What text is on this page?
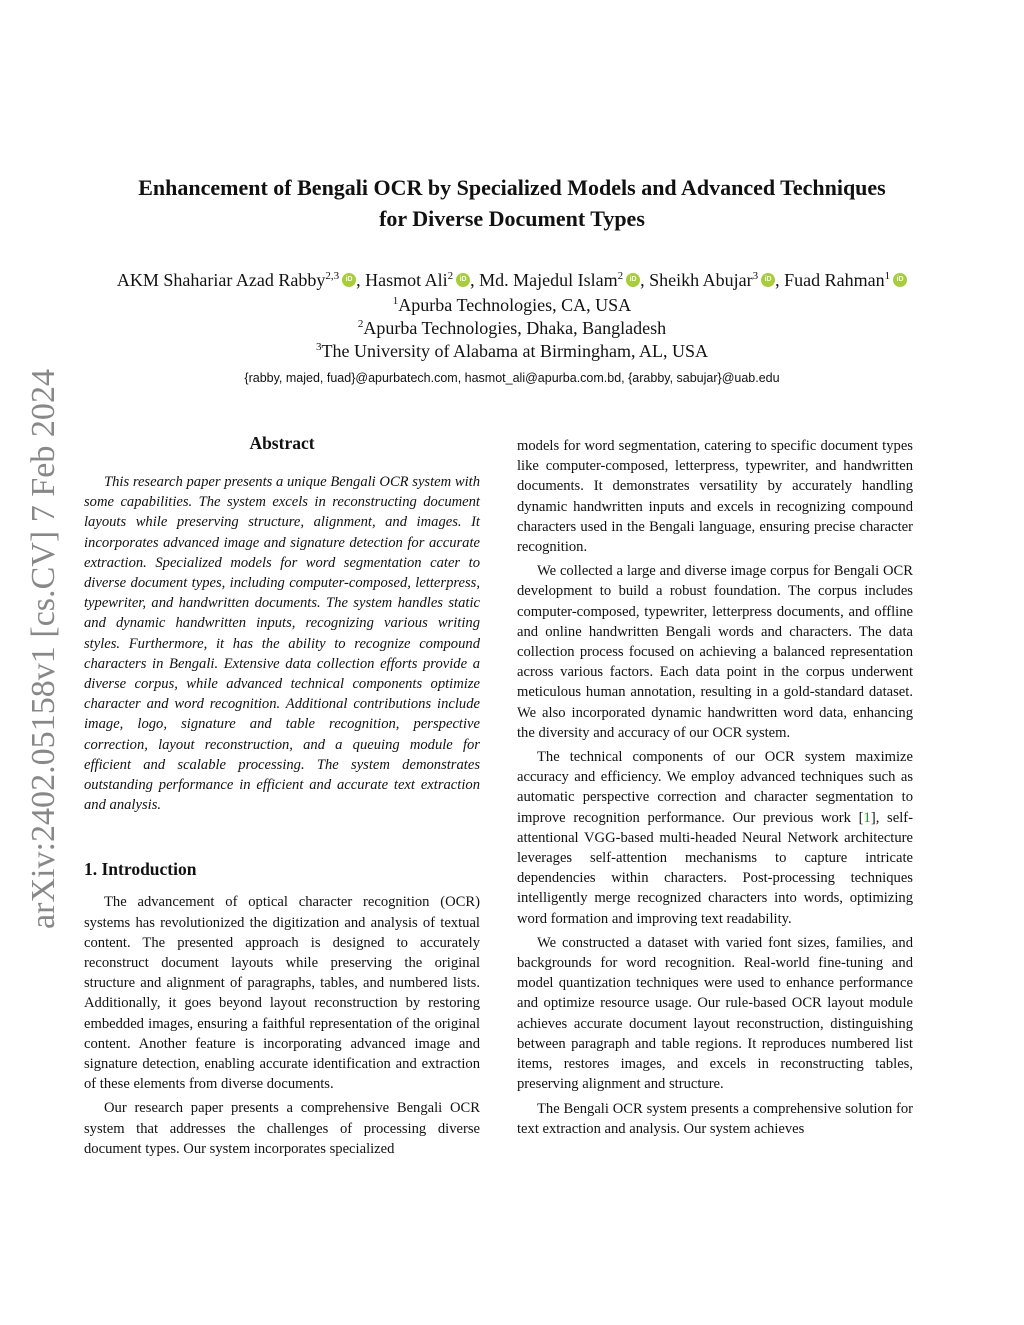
arXiv:2402.05158v1 [cs.CV] 7 Feb 2024
Enhancement of Bengali OCR by Specialized Models and Advanced Techniques
for Diverse Document Types
AKM Shahariar Azad Rabby$^{2,3}$ iD , Hasmot Ali$^2$ iD , Md. Majedul Islam$^2$ iD , Sheikh Abujar$^3$ iD , Fuad Rahman$^1$ iD
$^1$Apurba Technologies, CA, USA
$^2$Apurba Technologies, Dhaka, Bangladesh
$^3$The University of Alabama at Birmingham, AL, USA
{rabby, majed, fuad}@apurbatech.com, hasmot_ali@apurba.com.bd, {arabby, sabujar}@uab.edu
Abstract

This research paper presents a unique Bengali OCR system with some capabilities. The system excels in reconstructing document layouts while preserving structure, alignment, and images. It incorporates advanced image and signature detection for accurate extraction. Specialized models for word segmentation cater to diverse document types, including computer-composed, letterpress, typewriter, and handwritten documents. The system handles static and dynamic handwritten inputs, recognizing various writing styles. Furthermore, it has the ability to recognize compound characters in Bengali. Extensive data collection efforts provide a diverse corpus, while advanced technical components optimize character and word recognition. Additional contributions include image, logo, signature and table recognition, perspective correction, layout reconstruction, and a queuing module for efficient and scalable processing. The system demonstrates outstanding performance in efficient and accurate text extraction and analysis.

1. Introduction

The advancement of optical character recognition (OCR) systems has revolutionized the digitization and analysis of textual content. The presented approach is designed to accurately reconstruct document layouts while preserving the original structure and alignment of paragraphs, tables, and numbered lists. Additionally, it goes beyond layout reconstruction by restoring embedded images, ensuring a faithful representation of the original content. Another feature is incorporating advanced image and signature detection, enabling accurate identification and extraction of these elements from diverse documents.

Our research paper presents a comprehensive Bengali OCR system that addresses the challenges of processing diverse document types. Our system incorporates specialized

models for word segmentation, catering to specific document types like computer-composed, letterpress, typewriter, and handwritten documents. It demonstrates versatility by accurately handling dynamic handwritten inputs and excels in recognizing compound characters used in the Bengali language, ensuring precise character recognition.

We collected a large and diverse image corpus for Bengali OCR development to build a robust foundation. The corpus includes computer-composed, typewriter, letterpress documents, and offline and online handwritten Bengali words and characters. The data collection process focused on achieving a balanced representation across various factors. Each data point in the corpus underwent meticulous human annotation, resulting in a gold-standard dataset. We also incorporated dynamic handwritten word data, enhancing the diversity and accuracy of our OCR system.

The technical components of our OCR system maximize accuracy and efficiency. We employ advanced techniques such as automatic perspective correction and character segmentation to improve recognition performance. Our previous work [1], self-attentional VGG-based multi-headed Neural Network architecture leverages self-attention mechanisms to capture intricate dependencies within characters. Post-processing techniques intelligently merge recognized characters into words, optimizing word formation and improving text readability.

We constructed a dataset with varied font sizes, families, and backgrounds for word recognition. Real-world fine-tuning and model quantization techniques were used to enhance performance and optimize resource usage. Our rule-based OCR layout module achieves accurate document layout reconstruction, distinguishing between paragraph and table regions. It reproduces numbered list items, restores images, and excels in reconstructing tables, preserving alignment and structure.

The Bengali OCR system presents a comprehensive solution for text extraction and analysis. Our system achieves
